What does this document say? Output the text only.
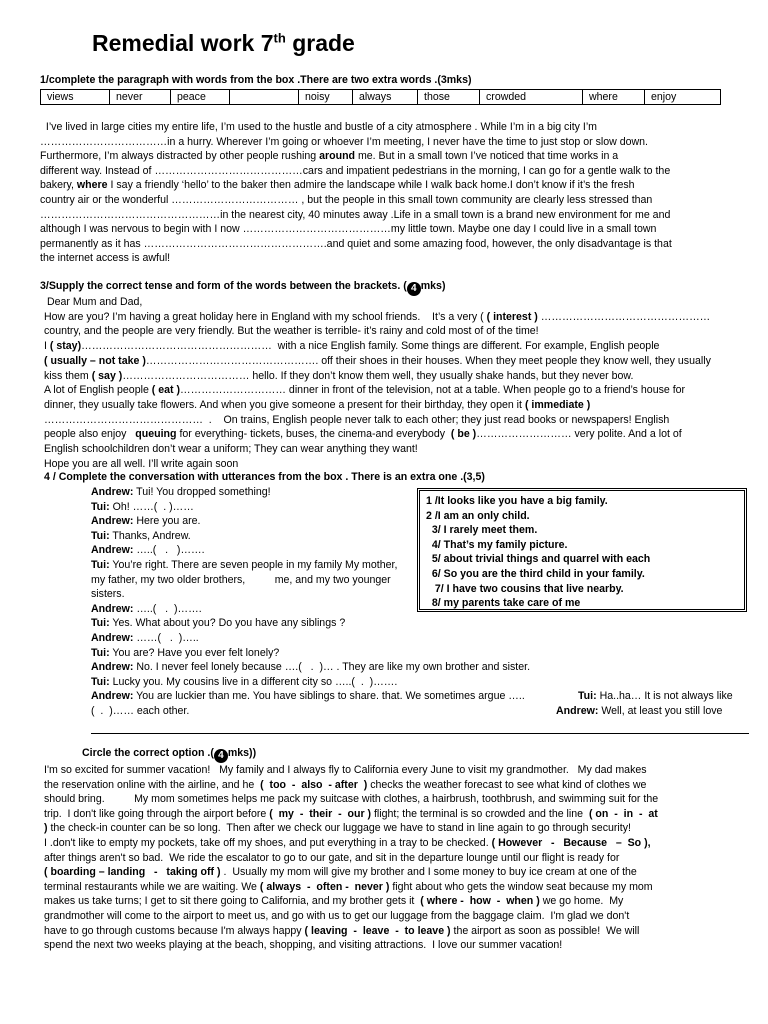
Remedial work 7th grade
1/complete the paragraph with words from the box .There are two extra words .(3mks)
views	never	peace		noisy	always	those	crowded	where	enjoy

I’ve lived in large cities my entire life, I’m used to the hustle and bustle of a city atmosphere . While I’m in a big city I’m

………………………………in a hurry. Wherever I’m going or whoever I’m meeting, I never have the time to just stop or slow down.

Furthermore, I’m always distracted by other people rushing around me. But in a small town I’ve noticed that time works in a

different way. Instead of ……………………………………cars and impatient pedestrians in the morning, I can go for a gentle walk to the

bakery, where I say a friendly ‘hello’ to the baker then admire the landscape while I walk back home.I don’t know if it’s the fresh

country air or the wonderful ……………………………… , but the people in this small town community are clearly less stressed than

……………………………………………in the nearest city, 40 minutes away .Life in a small town is a brand new environment for me and

although I was nervous to begin with I now ……………………………………my little town. Maybe one day I could live in a small town

permanently as it has …………………………………………….and quiet and some amazing food, however, the only disadvantage is that

the internet access is awful!

3/Supply the correct tense and form of the words between the brackets. ( 4 mks)

Dear Mum and Dad,

How are you? I’m having a great holiday here in England with my school friends.    It’s a very ( ( interest ) …………………………………………

country, and the people are very friendly. But the weather is terrible- it’s rainy and cold most of of the time!

I ( stay)………………………………………………  with a nice English family. Some things are different. For example, English people

( usually – not take )…………………………………………. off their shoes in their houses. When they meet people they know well, they usually

kiss them ( say )……………………………… hello. If they don’t know them well, they usually shake hands, but they never bow.

A lot of English people ( eat )………………………… dinner in front of the television, not at a table. When people go to a friend’s house for

dinner, they usually take flowers. And when you give someone a present for their birthday, they open it ( immediate )

………………………………………  .    On trains, English people never talk to each other; they just read books or newspapers! English

people also enjoy   queuing for everything- tickets, buses, the cinema-and everybody  ( be )……………………… very polite. And a lot of

English schoolchildren don’t wear a uniform; They can wear anything they want!

Hope you are all well. I’ll write again soon

4 / Complete the conversation with utterances from the box . There is an extra one .(3,5)

Andrew: Tui! You dropped something!

Tui: Oh! ……(  . )……

Andrew: Here you are.

Tui: Thanks, Andrew.

Andrew: …..(   .   )…….

Tui: You’re right. There are seven people in my family My mother, my father, my two older brothers,          me, and my two younger sisters.

Andrew: …..(   .  )…….

Tui: Yes. What about you? Do you have any siblings ?

Andrew: ……(   .  )…..

Tui: You are? Have you ever felt lonely?

Andrew: No. I never feel lonely because ….(   .  )… . They are like my own brother and sister.

Tui: Lucky you. My cousins live in a different city so …..(  .  )…….

Andrew: You are luckier than me. You have siblings to share. that. We sometimes argue …..(  .  )…… each other.

Tui: Ha..ha… It is not always like
Andrew: Well, at least you still love
1 /It looks like you have a big family.
2 /I am an only child.
3/ I rarely meet them.
4/ That’s my family picture.
5/ about trivial things and quarrel with each
6/ So you are the third child in your family.
7/ I have two cousins that live nearby.
8/ my parents take care of me
Circle the correct option .( 4 mks))

I'm so excited for summer vacation!   My family and I always fly to California every June to visit my grandmother.   My dad makes

the reservation online with the airline, and he  (  too  -  also  - after  ) checks the weather forecast to see what kind of clothes we

should bring.          My mom sometimes helps me pack my suitcase with clothes, a hairbrush, toothbrush, and swimming suit for the

trip.  I don't like going through the airport before (  my  -  their  -  our ) flight; the terminal is so crowded and the line  ( on  -  in  -  at

) the check-in counter can be so long.  Then after we check our luggage we have to stand in line again to go through security!

I .don't like to empty my pockets, take off my shoes, and put everything in a tray to be checked. ( However   -   Because   –  So ),

after things aren't so bad.  We ride the escalator to go to our gate, and sit in the departure lounge until our flight is ready for

( boarding – landing   -   taking off ) .  Usually my mom will give my brother and I some money to buy ice cream at one of the

terminal restaurants while we are waiting. We ( always  -  often -  never ) fight about who gets the window seat because my mom

makes us take turns; I get to sit there going to California, and my brother gets it  ( where -  how  -  when ) we go home.  My

grandmother will come to the airport to meet us, and go with us to get our luggage from the baggage claim.  I'm glad we don't

have to go through customs because I'm always happy ( leaving  -  leave  -  to leave ) the airport as soon as possible!  We will

spend the next two weeks playing at the beach, shopping, and visiting attractions.  I love our summer vacation!
